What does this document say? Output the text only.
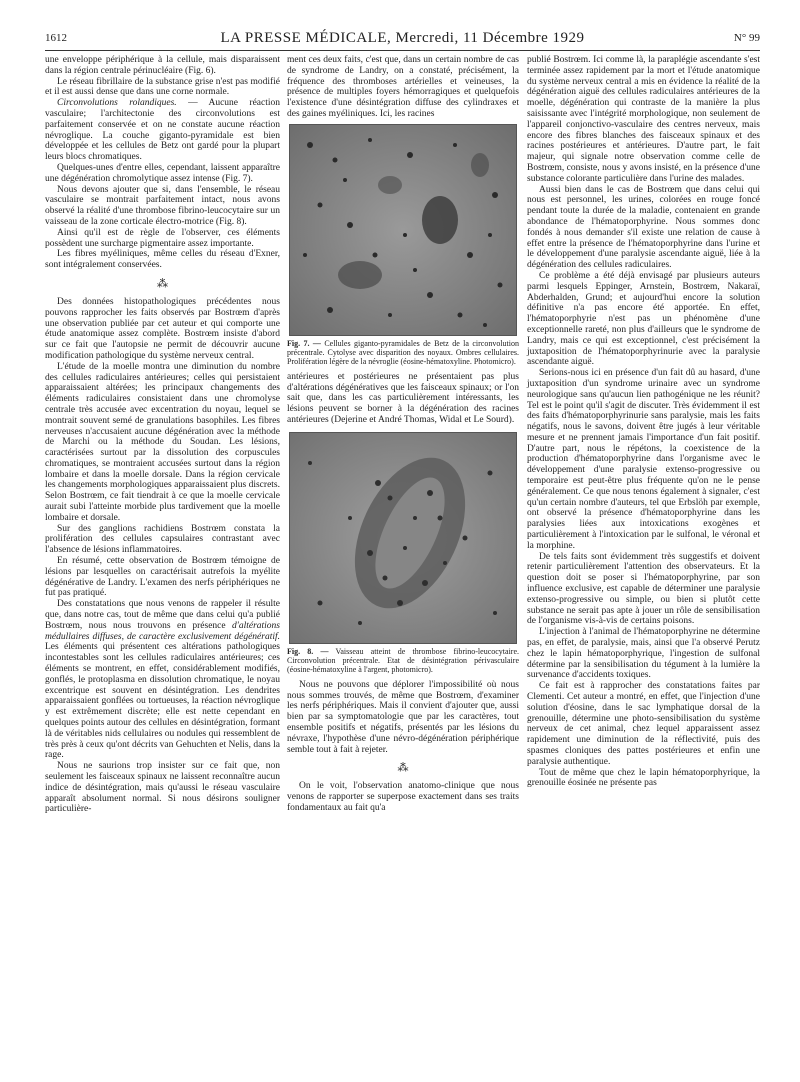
1612	LA PRESSE MÉDICALE, Mercredi, 11 Décembre 1929	N° 99

une enveloppe périphérique à la cellule, mais disparaissent dans la région centrale périnucléaire (Fig. 6).

Le réseau fibrillaire de la substance grise n'est pas modifié et il est aussi dense que dans une corne normale.

Circonvolutions rolandiques. — Aucune réaction vasculaire; l'architectonie des circonvolutions est parfaitement conservée et on ne constate aucune réaction névroglique. La couche giganto-pyramidale est bien développée et les cellules de Betz ont gardé pour la plupart leurs blocs chromatiques.

Quelques-unes d'entre elles, cependant, laissent apparaître une dégénération chromolytique assez intense (Fig. 7).

Nous devons ajouter que si, dans l'ensemble, le réseau vasculaire se montrait parfaitement intact, nous avons observé la réalité d'une thrombose fibrino-leucocytaire sur un vaisseau de la zone corticale électro-motrice (Fig. 8).

Ainsi qu'il est de règle de l'observer, ces éléments possèdent une surcharge pigmentaire assez importante.

Les fibres myéliniques, même celles du réseau d'Exner, sont intégralement conservées.

⁂

Des données histopathologiques précédentes nous pouvons rapprocher les faits observés par Bostrœm d'après une observation publiée par cet auteur et qui comporte une étude anatomique assez complète. Bostrœm insiste d'abord sur ce fait que l'autopsie ne permit de découvrir aucune modification pathologique du système nerveux central.

L'étude de la moelle montra une diminution du nombre des cellules radiculaires antérieures; celles qui persistaient apparaissaient altérées; les principaux changements des éléments radiculaires consistaient dans une chromolyse centrale très accusée avec excentration du noyau, lequel se montrait souvent semé de granulations basophiles. Les fibres nerveuses n'accusaient aucune dégénération avec la méthode de Marchi ou la méthode du Soudan. Les lésions, caractérisées surtout par la dissolution des corpuscules chromatiques, se montraient accusées surtout dans la région lombaire et dans la moelle dorsale. Dans la région cervicale les changements morphologiques apparaissaient plus discrets. Selon Bostrœm, ce fait tiendrait à ce que la moelle cervicale aurait subi l'atteinte morbide plus tardivement que la moelle lombaire et dorsale.

Sur des ganglions rachidiens Bostrœm constata la prolifération des cellules capsulaires contrastant avec l'absence de lésions inflammatoires.

En résumé, cette observation de Bostrœm témoigne de lésions par lesquelles on caractérisait autrefois la myélite dégénérative de Landry. L'examen des nerfs périphériques ne fut pas pratiqué.

Des constatations que nous venons de rappeler il résulte que, dans notre cas, tout de même que dans celui qu'a publié Bostrœm, nous nous trouvons en présence d'altérations médullaires diffuses, de caractère exclusivement dégénératif. Les éléments qui présentent ces altérations pathologiques incontestables sont les cellules radiculaires antérieures; ces éléments se montrent, en effet, considérablement modifiés, gonflés, le protoplasma en dissolution chromatique, le noyau excentrique est souvent en désintégration. Les dendrites apparaissaient gonflées ou tortueuses, la réaction névroglique y est extrêmement discrète; elle est nette cependant en quelques points autour des cellules en désintégration, formant là de véritables nids cellulaires ou nodules qui ressemblent de très près à ceux qu'ont décrits van Gehuchten et Nelis, dans la rage.

Nous ne saurions trop insister sur ce fait que, non seulement les faisceaux spinaux ne laissent reconnaître aucun indice de désintégration, mais qu'aussi le réseau vasculaire apparaît absolument normal. Si nous désirons souligner particulière-

ment ces deux faits, c'est que, dans un certain nombre de cas de syndrome de Landry, on a constaté, précisément, la fréquence des thromboses artérielles et veineuses, la présence de multiples foyers hémorragiques et quelquefois l'existence d'une désintégration diffuse des cylindraxes et des gaines myéliniques. Ici, les racines

Fig. 7. — Cellules giganto-pyramidales de Betz de la circonvolution précentrale. Cytolyse avec disparition des noyaux. Ombres cellulaires. Prolifération légère de la névroglie (éosine-hématoxyline. Photomicro).

antérieures et postérieures ne présentaient pas plus d'altérations dégénératives que les faisceaux spinaux; or l'on sait que, dans les cas particulièrement intéressants, les lésions peuvent se borner à la dégénération des racines antérieures (Dejerine et André Thomas, Widal et Le Sourd).

Fig. 8. — Vaisseau atteint de thrombose fibrino-leucocytaire. Circonvolution précentrale. Etat de désintégration périvasculaire (éosine-hématoxyline à l'argent, photomicro).

Nous ne pouvons que déplorer l'impossibilité où nous nous sommes trouvés, de même que Bostrœm, d'examiner les nerfs périphériques. Mais il convient d'ajouter que, aussi bien par sa symptomatologie que par les caractères, tout ensemble positifs et négatifs, présentés par les lésions du névraxe, l'hypothèse d'une névro-dégénération périphérique semble tout à fait à rejeter.

⁂

On le voit, l'observation anatomo-clinique que nous venons de rapporter se superpose exactement dans ses traits fondamentaux au fait qu'a

publié Bostrœm. Ici comme là, la paraplégie ascendante s'est terminée assez rapidement par la mort et l'étude anatomique du système nerveux central a mis en évidence la réalité de la dégénération aiguë des cellules radiculaires antérieures de la moelle, dégénération qui contraste de la manière la plus saisissante avec l'intégrité morphologique, non seulement de l'appareil conjonctivo-vasculaire des centres nerveux, mais encore des fibres blanches des faisceaux spinaux et des racines postérieures et antérieures. D'autre part, le fait majeur, qui signale notre observation comme celle de Bostrœm, consiste, nous y avons insisté, en la présence d'une substance colorante particulière dans l'urine des malades.

Aussi bien dans le cas de Bostrœm que dans celui qui nous est personnel, les urines, colorées en rouge foncé pendant toute la durée de la maladie, contenaient en grande abondance de l'hématoporphyrine. Nous sommes donc fondés à nous demander s'il existe une relation de cause à effet entre la présence de l'hématoporphyrine dans l'urine et le développement d'une paralysie ascendante aiguë, liée à la dégénération des cellules radiculaires.

Ce problème a été déjà envisagé par plusieurs auteurs parmi lesquels Eppinger, Arnstein, Bostrœm, Nakaraï, Abderhalden, Grund; et aujourd'hui encore la solution définitive n'a pas encore été apportée. En effet, l'hématoporphyrie n'est pas un phénomène d'une exceptionnelle rareté, non plus d'ailleurs que le syndrome de Landry, mais ce qui est exceptionnel, c'est précisément la juxtaposition de l'hématoporphyrinurie avec la paralysie ascendante aiguë.

Serions-nous ici en présence d'un fait dû au hasard, d'une juxtaposition d'un syndrome urinaire avec un syndrome neurologique sans qu'aucun lien pathogénique ne les réunit? Tel est le point qu'il s'agit de discuter. Très évidemment il est des faits d'hématoporphyrinurie sans paralysie, mais les faits négatifs, nous le savons, doivent être jugés à leur véritable mesure et ne prennent jamais l'importance d'un fait positif. D'autre part, nous le répétons, la coexistence de la production d'hématoporphyrine dans l'organisme avec le développement d'une paralysie extenso-progressive ou temporaire est peut-être plus fréquente qu'on ne le pense généralement. Ce que nous tenons également à signaler, c'est qu'un certain nombre d'auteurs, tel que Erbslöh par exemple, ont observé la présence d'hématoporphyrine dans les paralysies liées aux intoxications exogènes et particulièrement à l'intoxication par le sulfonal, le véronal et la morphine.

De tels faits sont évidemment très suggestifs et doivent retenir particulièrement l'attention des observateurs. Et la question doit se poser si l'hématoporphyrine, par son influence exclusive, est capable de déterminer une paralysie extenso-progressive ou simple, ou bien si plutôt cette substance ne serait pas apte à jouer un rôle de sensibilisation de l'organisme vis-à-vis de certains poisons.

L'injection à l'animal de l'hématoporphyrine ne détermine pas, en effet, de paralysie, mais, ainsi que l'a observé Perutz chez le lapin hématoporphyrique, l'ingestion de sulfonal détermine par la sensibilisation du tégument à la lumière la survenance d'accidents toxiques.

Ce fait est à rapprocher des constatations faites par Clementi. Cet auteur a montré, en effet, que l'injection d'une solution d'éosine, dans le sac lymphatique dorsal de la grenouille, détermine une photo-sensibilisation du système nerveux de cet animal, chez lequel apparaissent assez rapidement une diminution de la réflectivité, puis des spasmes cloniques des pattes postérieures et enfin une paralysie authentique.

Tout de même que chez le lapin hématoporphyrique, la grenouille éosinée ne présente pas
